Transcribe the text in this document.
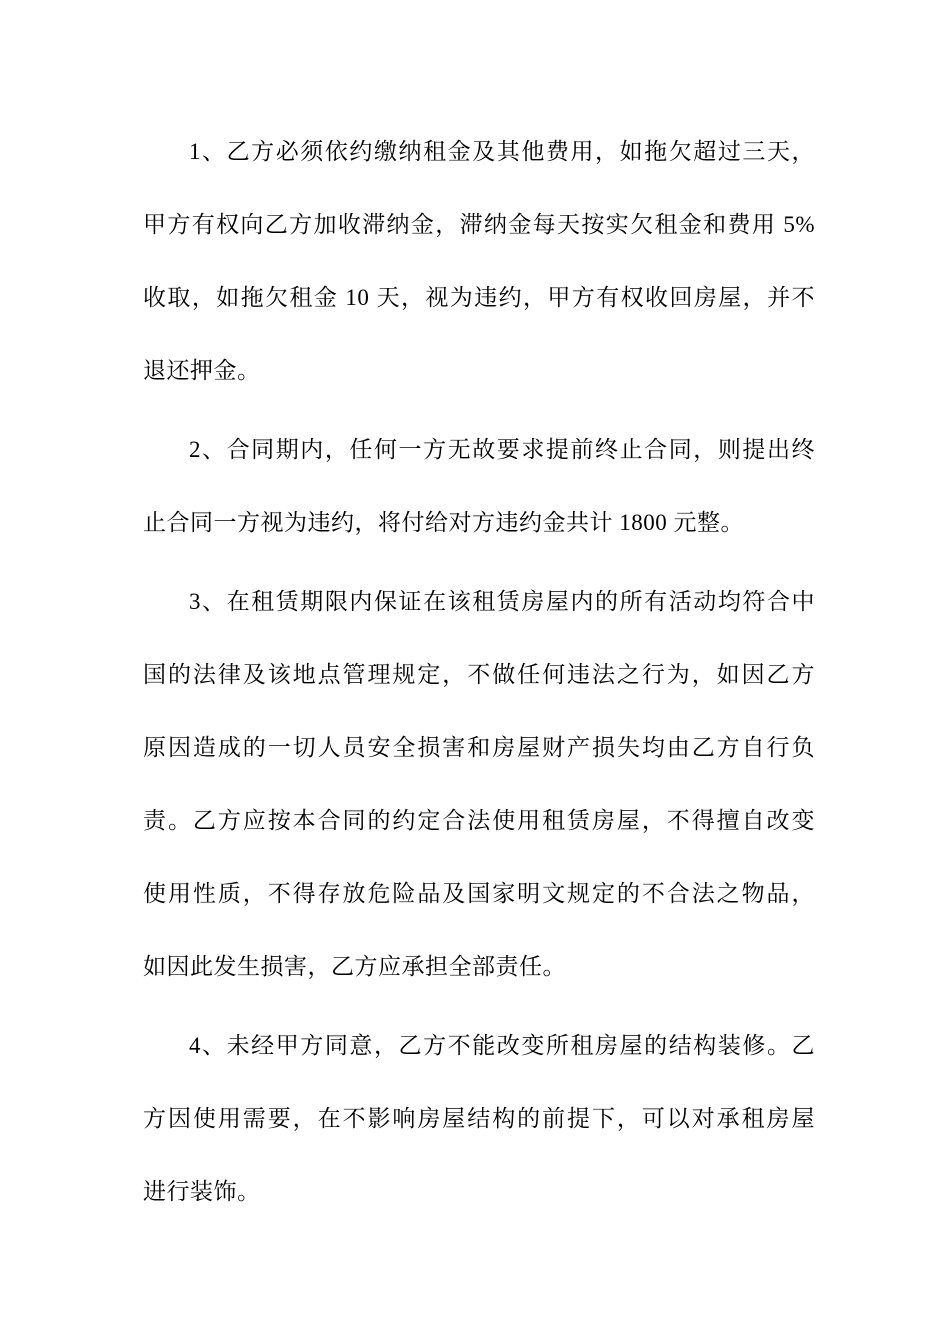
1、乙方必须依约缴纳租金及其他费用，如拖欠超过三天，
甲方有权向乙方加收滞纳金，滞纳金每天按实欠租金和费用 5%
收取，如拖欠租金 10 天，视为违约，甲方有权收回房屋，并不
退还押金。
2、合同期内，任何一方无故要求提前终止合同，则提出终
止合同一方视为违约，将付给对方违约金共计 1800 元整。
3、在租赁期限内保证在该租赁房屋内的所有活动均符合中
国的法律及该地点管理规定，不做任何违法之行为，如因乙方
原因造成的一切人员安全损害和房屋财产损失均由乙方自行负
责。乙方应按本合同的约定合法使用租赁房屋，不得擅自改变
使用性质，不得存放危险品及国家明文规定的不合法之物品，
如因此发生损害，乙方应承担全部责任。
4、未经甲方同意，乙方不能改变所租房屋的结构装修。乙
方因使用需要，在不影响房屋结构的前提下，可以对承租房屋
进行装饰。
